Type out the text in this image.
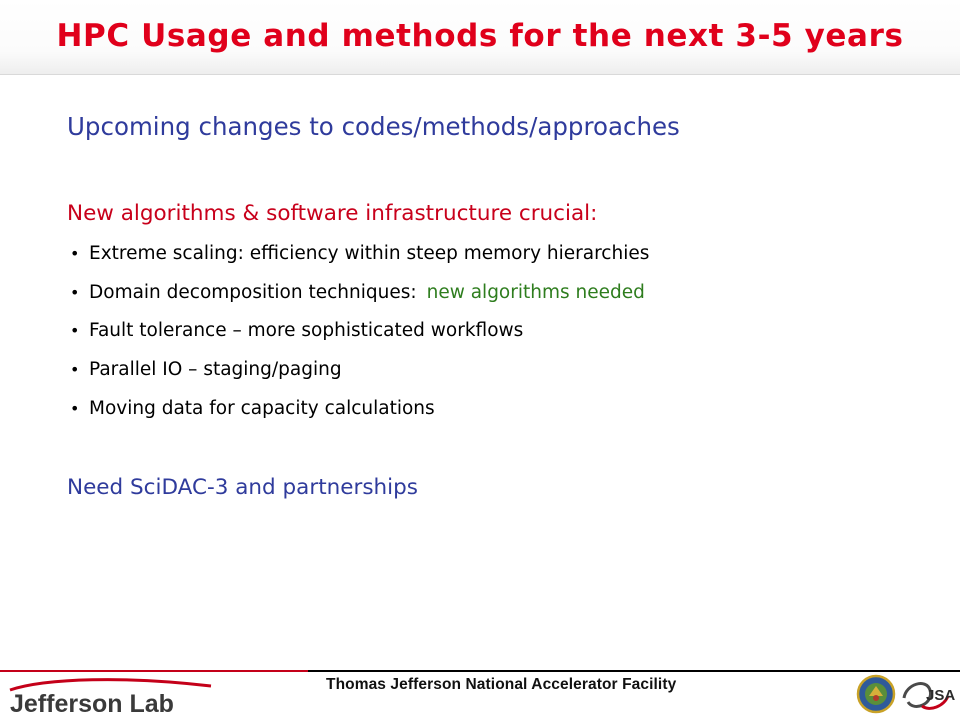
HPC Usage and methods for the next 3-5 years
Upcoming changes to codes/methods/approaches
New algorithms & software infrastructure crucial:
• Extreme scaling: efficiency within steep memory hierarchies
• Domain decomposition techniques: new algorithms needed
• Fault tolerance – more sophisticated workflows
• Parallel IO – staging/paging
• Moving data for capacity calculations
Need SciDAC-3 and partnerships
Jefferson Lab
Thomas Jefferson National Accelerator Facility
JSA
